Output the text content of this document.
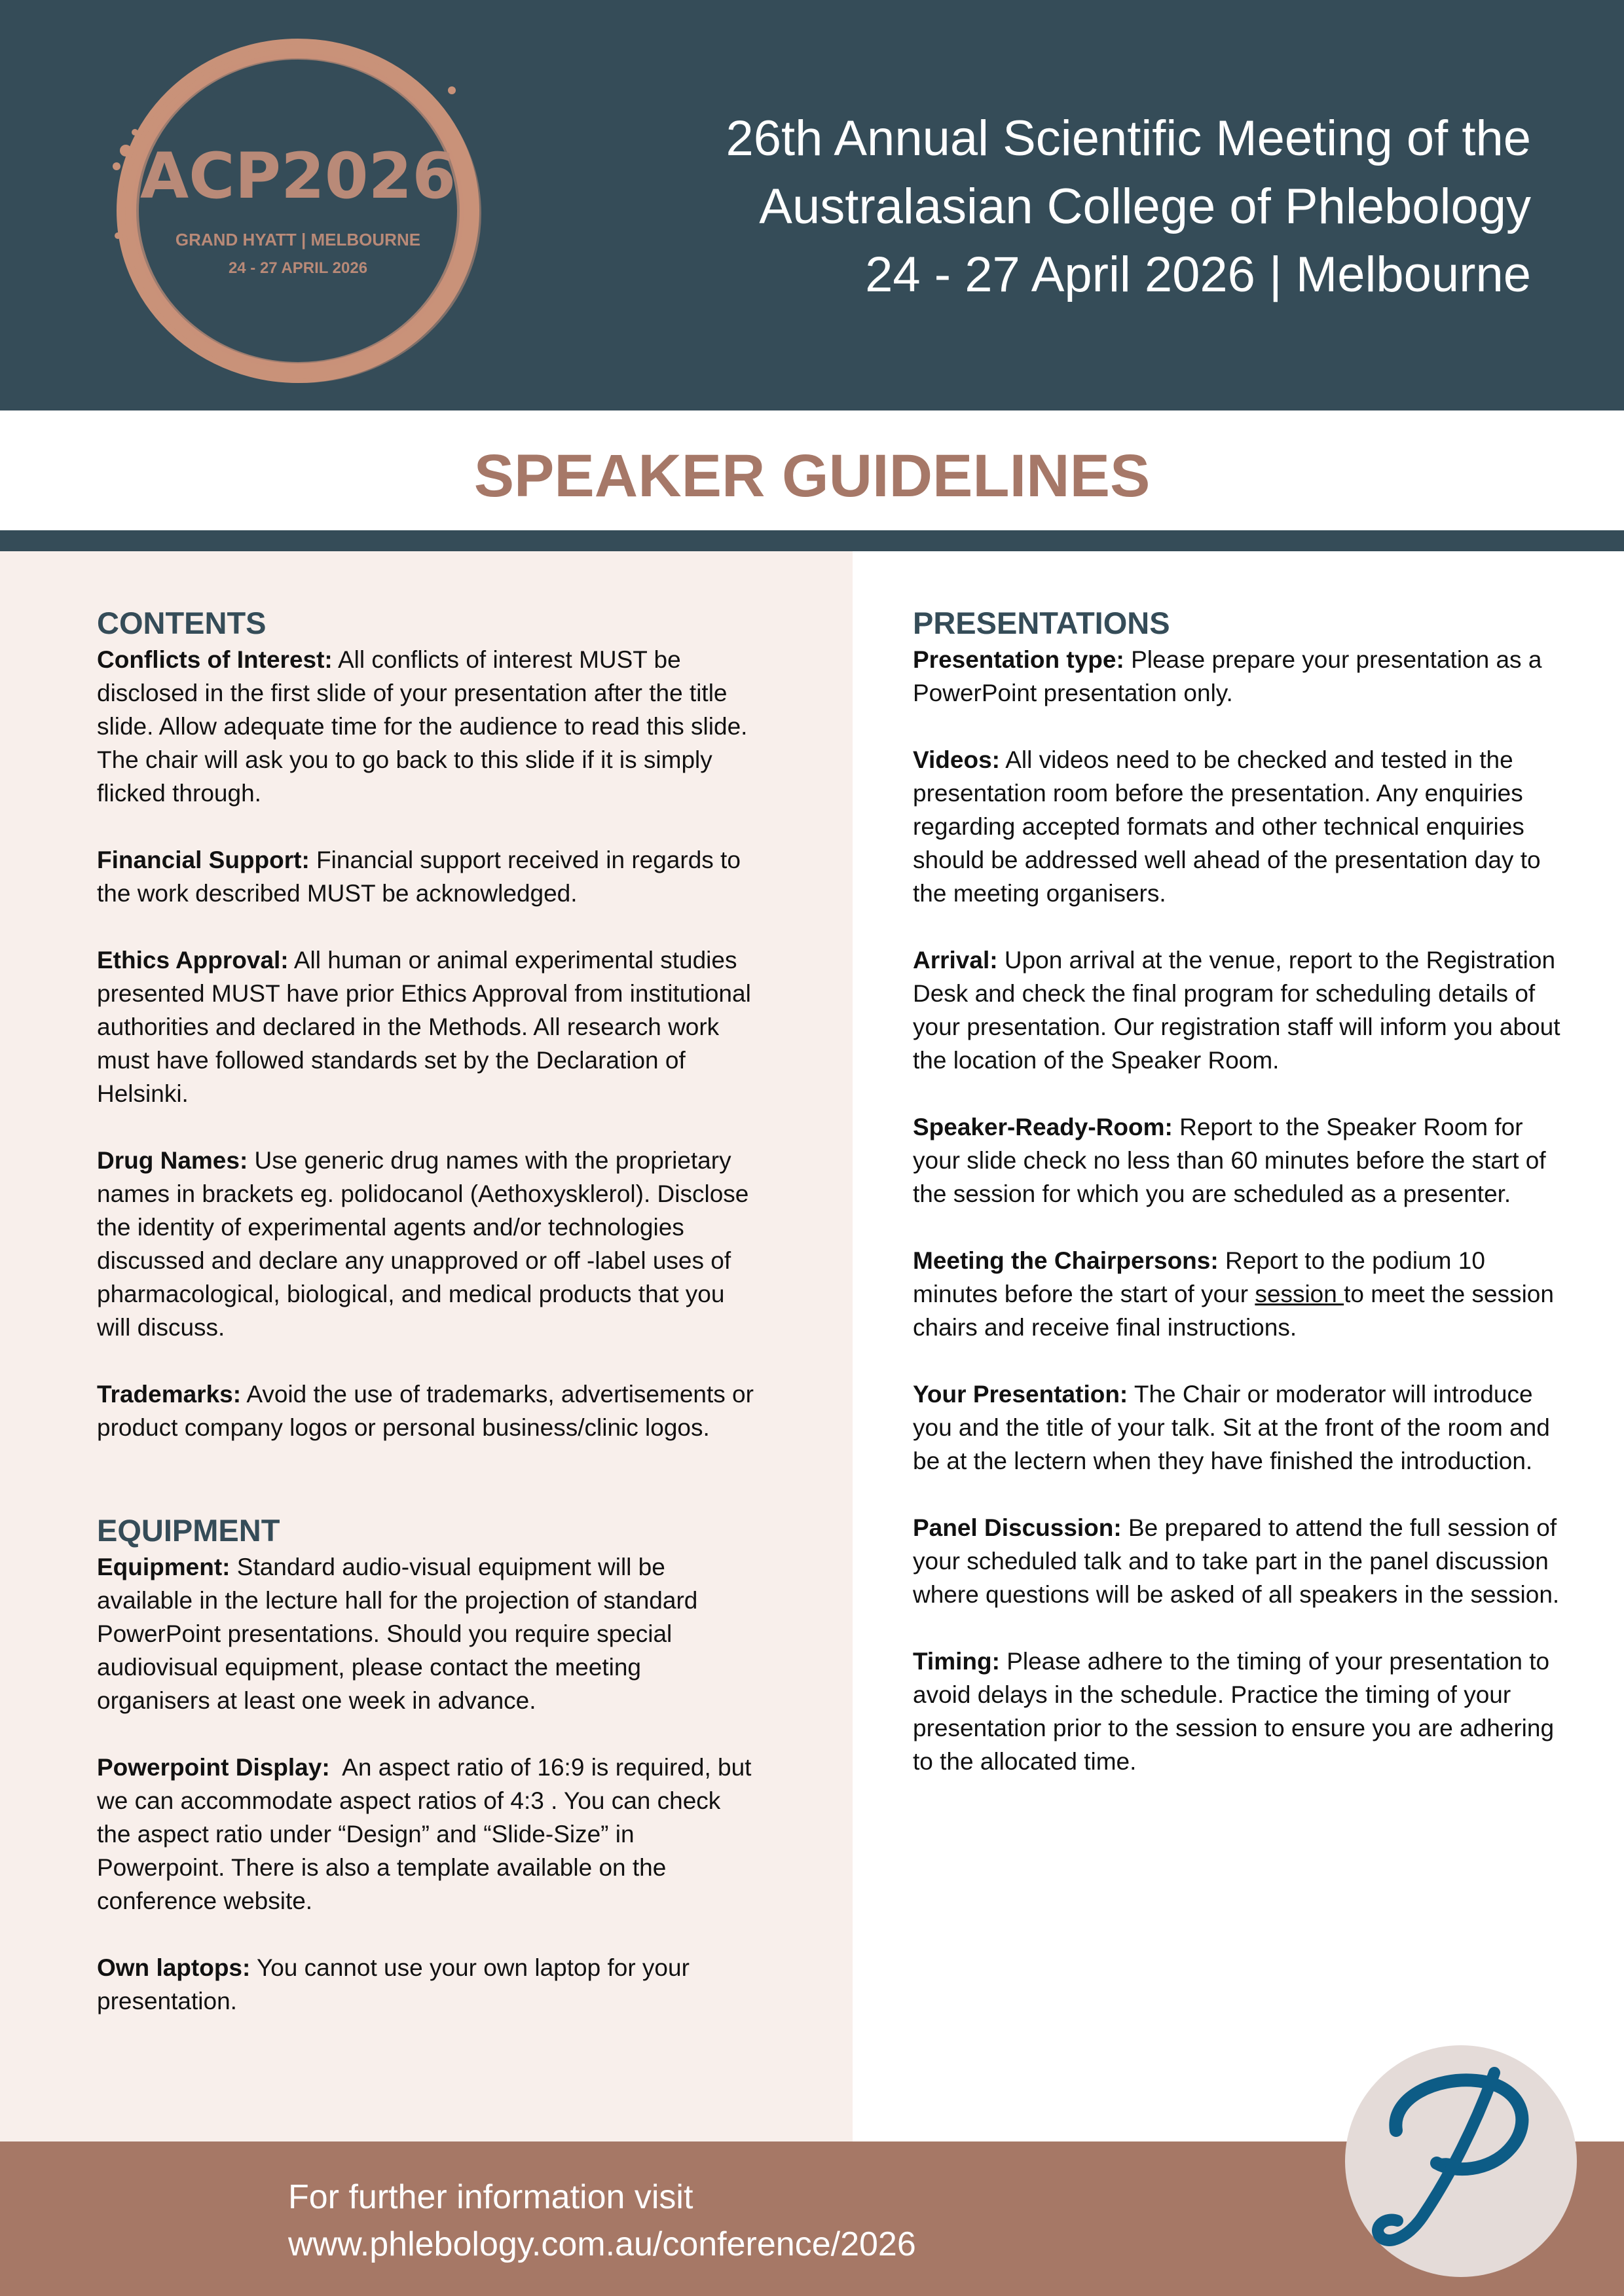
ACP2026
GRAND HYATT | MELBOURNE
24 - 27 APRIL 2026
26th Annual Scientific Meeting of the
Australasian College of Phlebology
24 - 27 April 2026 | Melbourne
SPEAKER GUIDELINES
CONTENTS

Conflicts of Interest: All conflicts of interest MUST be disclosed in the first slide of your presentation after the title slide. Allow adequate time for the audience to read this slide. The chair will ask you to go back to this slide if it is simply flicked through.

Financial Support: Financial support received in regards to the work described MUST be acknowledged.

Ethics Approval: All human or animal experimental studies presented MUST have prior Ethics Approval from institutional authorities and declared in the Methods. All research work must have followed standards set by the Declaration of Helsinki.

Drug Names: Use generic drug names with the proprietary names in brackets eg. polidocanol (Aethoxysklerol). Disclose the identity of experimental agents and/or technologies discussed and declare any unapproved or off -label uses of pharmacological, biological, and medical products that you will discuss.

Trademarks: Avoid the use of trademarks, advertisements or product company logos or personal business/clinic logos.

EQUIPMENT

Equipment: Standard audio-visual equipment will be available in the lecture hall for the projection of standard PowerPoint presentations. Should you require special audiovisual equipment, please contact the meeting organisers at least one week in advance.

Powerpoint Display:  An aspect ratio of 16:9 is required, but we can accommodate aspect ratios of 4:3 . You can check the aspect ratio under “Design” and “Slide-Size” in Powerpoint. There is also a template available on the conference website.

Own laptops: You cannot use your own laptop for your presentation.

PRESENTATIONS

Presentation type: Please prepare your presentation as a PowerPoint presentation only.

Videos: All videos need to be checked and tested in the presentation room before the presentation. Any enquiries regarding accepted formats and other technical enquiries should be addressed well ahead of the presentation day to the meeting organisers.

Arrival: Upon arrival at the venue, report to the Registration Desk and check the final program for scheduling details of your presentation. Our registration staff will inform you about the location of the Speaker Room.

Speaker-Ready-Room: Report to the Speaker Room for your slide check no less than 60 minutes before the start of the session for which you are scheduled as a presenter.

Meeting the Chairpersons: Report to the podium 10 minutes before the start of your session to meet the session chairs and receive final instructions.

Your Presentation: The Chair or moderator will introduce you and the title of your talk. Sit at the front of the room and be at the lectern when they have finished the introduction.

Panel Discussion: Be prepared to attend the full session of your scheduled talk and to take part in the panel discussion where questions will be asked of all speakers in the session.

Timing: Please adhere to the timing of your presentation to avoid delays in the schedule. Practice the timing of your presentation prior to the session to ensure you are adhering to the allocated time.

For further information visit
www.phlebology.com.au/conference/2026
